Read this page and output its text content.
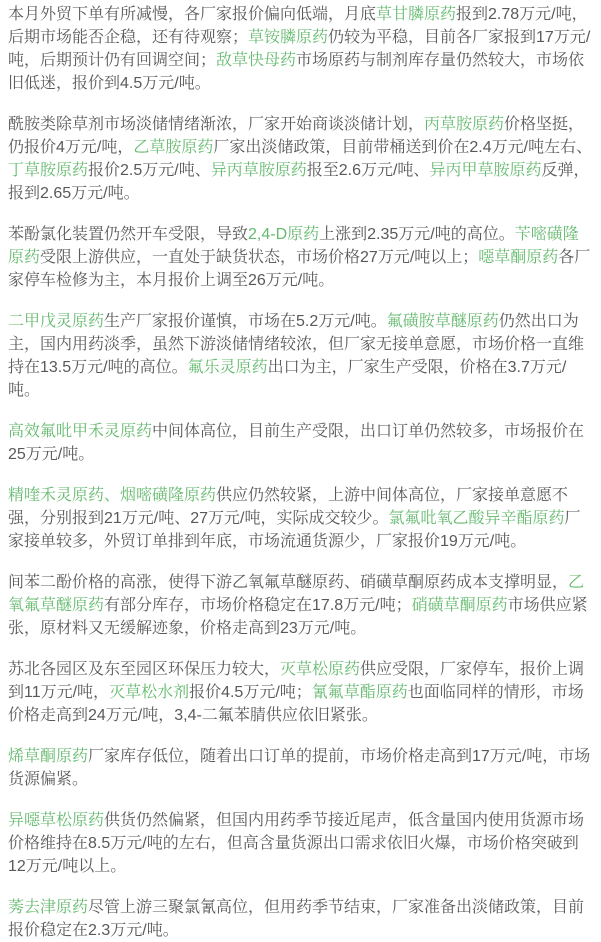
本月外贸下单有所减慢，各厂家报价偏向低端，月底草甘膦原药报到2.78万元/吨，后期市场能否企稳，还有待观察；草铵膦原药仍较为平稳，目前各厂家报到17万元/吨，后期预计仍有回调空间；敌草快母药市场原药与制剂库存量仍然较大，市场依旧低迷，报价到4.5万元/吨。

酰胺类除草剂市场淡储情绪渐浓，厂家开始商谈淡储计划，丙草胺原药价格坚挺，仍报价4万元/吨，乙草胺原药厂家出淡储政策，目前带桶送到价在2.4万元/吨左右、丁草胺原药报价2.5万元/吨、异丙草胺原药报至2.6万元/吨、异丙甲草胺原药反弹，报到2.65万元/吨。

苯酚氯化装置仍然开车受限，导致2,4-D原药上涨到2.35万元/吨的高位。苄嘧磺隆原药受限上游供应，一直处于缺货状态，市场价格27万元/吨以上；噁草酮原药各厂家停车检修为主，本月报价上调至26万元/吨。

二甲戊灵原药生产厂家报价谨慎，市场在5.2万元/吨。氟磺胺草醚原药仍然出口为主，国内用药淡季，虽然下游淡储情绪较浓，但厂家无接单意愿，市场价格一直维持在13.5万元/吨的高位。氟乐灵原药出口为主，厂家生产受限，价格在3.7万元/吨。

高效氟吡甲禾灵原药中间体高位，目前生产受限，出口订单仍然较多，市场报价在25万元/吨。

精喹禾灵原药、烟嘧磺隆原药供应仍然较紧，上游中间体高位，厂家接单意愿不强，分别报到21万元/吨、27万元/吨，实际成交较少。氯氟吡氧乙酸异辛酯原药厂家接单较多，外贸订单排到年底，市场流通货源少，厂家报价19万元/吨。

间苯二酚价格的高涨，使得下游乙氧氟草醚原药、硝磺草酮原药成本支撑明显，乙氧氟草醚原药有部分库存，市场价格稳定在17.8万元/吨；硝磺草酮原药市场供应紧张，原材料又无缓解迹象，价格走高到23万元/吨。

苏北各园区及东至园区环保压力较大，灭草松原药供应受限，厂家停车，报价上调到11万元/吨，灭草松水剂报价4.5万元/吨；氰氟草酯原药也面临同样的情形，市场价格走高到24万元/吨，3,4-二氟苯腈供应依旧紧张。

烯草酮原药厂家库存低位，随着出口订单的提前，市场价格走高到17万元/吨，市场货源偏紧。

异噁草松原药供货仍然偏紧，但国内用药季节接近尾声，低含量国内使用货源市场价格维持在8.5万元/吨的左右，但高含量货源出口需求依旧火爆，市场价格突破到12万元/吨以上。

莠去津原药尽管上游三聚氯氰高位，但用药季节结束，厂家准备出淡储政策，目前报价稳定在2.3万元/吨。
